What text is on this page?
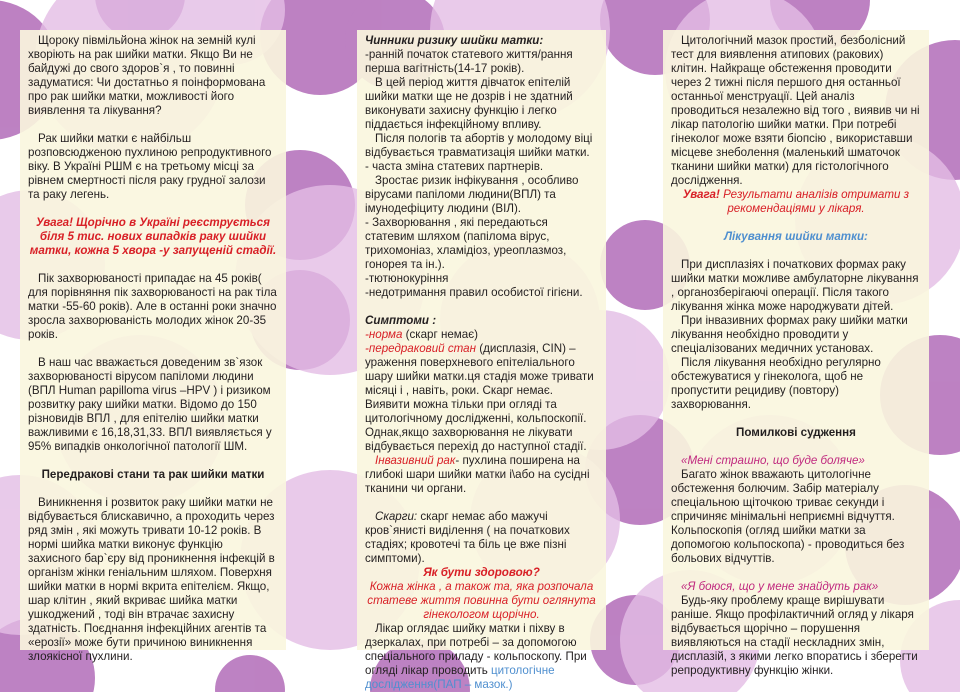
Щороку півмільйона жінок на земній кулі хворіють на рак шийки матки. Якщо Ви не байдужі до свого здоров`я , то повинні задуматися: Чи достатньо я поінформована про рак шийки матки, можливості його виявлення та лікування?

Рак шийки матки є найбільш розповсюдженою пухлиною репродуктивного віку. В Україні РШМ є на третьому місці за рівнем смертності після раку грудної залози та раку легень.

Увага! Щорічно в Україні реєструється біля 5 тис. нових випадків раку шийки матки, кожна 5 хвора -у запущеній стадії.

Пік захворюваності припадає на 45 років( для порівняння пік захворюваності на рак тіла матки -55-60 років). Але в останні роки значно зросла захворюваність молодих жінок 20-35 років.

В наш час вважається доведеним зв`язок захворюваності вірусом папіломи людини (ВПЛ Human papilloma virus –HPV ) і ризиком розвитку раку шийки матки. Відомо до 150 різновидів ВПЛ , для епітелію шийки матки важливими є 16,18,31,33. ВПЛ виявляється у 95% випадків онкологічної патології ШМ.

Передракові стани та рак шийки матки

Виникнення і розвиток раку шийки матки не відбувається блискавично, а проходить через ряд змін , які можуть тривати 10-12 років. В нормі шийка матки виконує функцію захисного бар`єру від проникнення інфекцій в організм жінки геніальним шляхом. Поверхня шийки матки в нормі вкрита епітелієм. Якщо, шар клітин , який вкриває шийка матки ушкоджений , тоді він втрачає захисну здатність. Поєднання інфекційних агентів та «ерозії» може бути причиною виникнення злоякісної пухлини.

Чинники ризику шийки матки:

-ранній початок статевого життя/рання перша вагітність(14-17 років).

В цей період життя дівчаток епітелій шийки матки ще не дозрів і не здатний виконувати захисну функцію і легко піддається інфекційному впливу.

Після пологів та абортів у молодому віці відбувається травматизація шийки матки.

- часта зміна статевих партнерів.

Зростає ризик інфікування , особливо вірусами папіломи людини(ВПЛ) та імунодефіциту людини (ВІЛ).

- Захворювання , які передаються статевим шляхом (папілома вірус, трихомоніаз, хламідіоз, уреоплазмоз, гонорея та ін.).

-тютюнокуріння

-недотримання правил особистої гігієни.

Симптоми :

-норма (скарг немає)

-передраковий стан (дисплазія, CIN) – ураження поверхневого епітеліального шару шийки матки.ця стадія може тривати місяці і , навіть, роки. Скарг немає. Виявити можна тільки при огляді та цитологічному дослідженні, кольпоскопії. Однак,якщо захворювання не лікувати відбувається перехід до наступної стадії.

Інвазивний рак- пухлина поширена на глибокі шари шийки матки і\або на сусідні тканини чи органи.

Скарги: скарг немає або мажучі кров`янисті виділення ( на початкових стадіях; кровотечі та біль це вже пізні симптоми).

Як бути здоровою?

Кожна жінка , а також та, яка розпочала статеве життя повинна бути оглянута гінекологом щорічно.

Лікар оглядає шийку матки і піхву в дзеркалах, при потребі – за допомогою спеціального приладу - кольпоскопу. При огляді лікар проводить цитологічне дослідження(ПАП – мазок.)

Цитологічний мазок простий, безболісний тест для виявлення атипових (ракових) клітин. Найкраще обстеження проводити через 2 тижні після першого дня останньої останньої менструації. Цей аналіз проводиться незалежно від того , виявив чи ні лікар патологію шийки матки. При потребі гінеколог може взяти біопсію , використавши місцеве знеболення (маленький шматочок тканини шийки матки) для гістологічного дослідження.

Увага! Результати аналізів отримати з рекомендаціями у лікаря.

Лікування шийки матки:

При дисплазіях і початкових формах раку шийки матки можливе амбулаторне лікування , органозберігаючі операції. Після такого лікування жінка може народжувати дітей.

При інвазивних формах раку шийки матки лікування необхідно проводити у спеціалізованих медичних установах.

Після лікування необхідно регулярно обстежуватися у гінеколога, щоб не пропустити рецидиву (повтору) захворювання.

Помилкові судження

«Мені страшно, що буде боляче»

Багато жінок вважають цитологічне обстеження болючим. Забір матеріалу спеціальною щіточкою триває секунди і спричиняє мінімальні неприємні відчуття. Кольпоскопія (огляд шийки матки за допомогою кольпоскопа) - проводиться без больових відчуттів.

«Я боюся, що у мене знайдуть рак»

Будь-яку проблему краще вирішувати раніше. Якщо профілактичний огляд у лікаря відбувається щорічно – порушення виявляються на стадії нескладних змін, дисплазій, з якими легко впоратись і зберегти репродуктивну функцію жінки.
